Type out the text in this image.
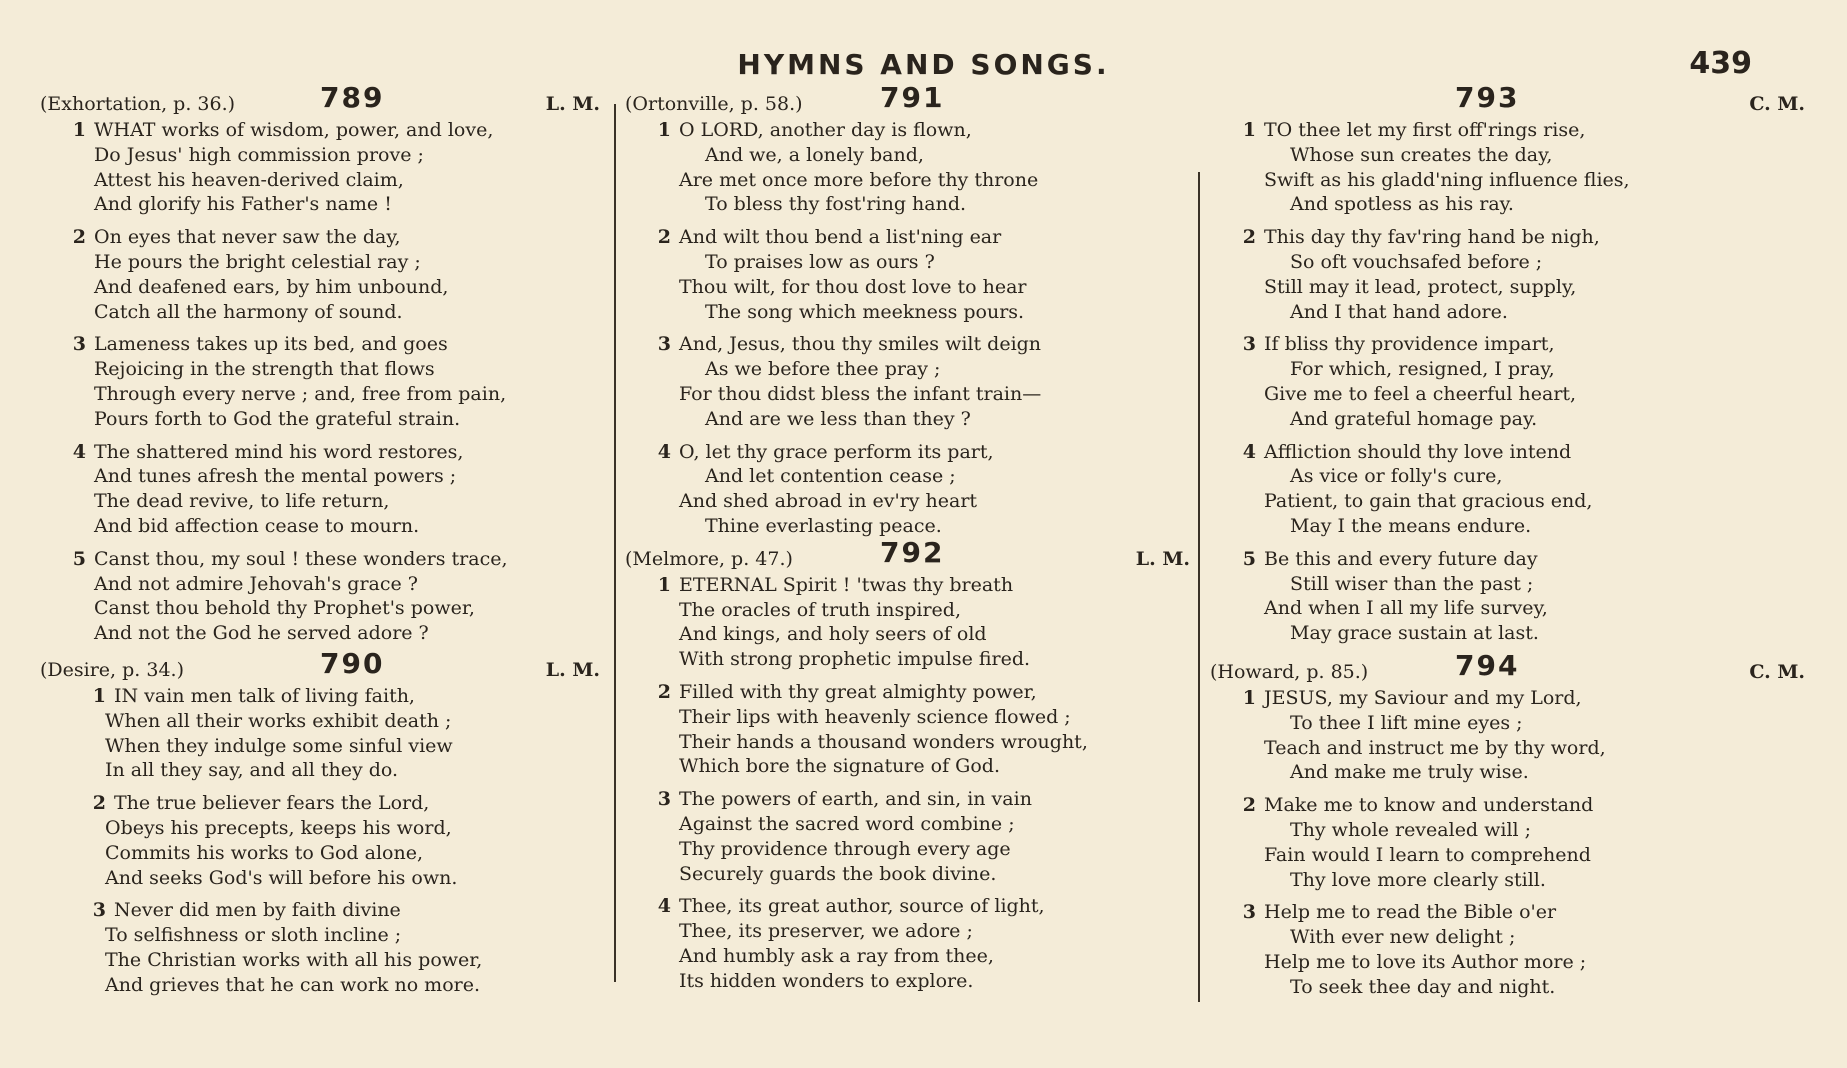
HYMNS AND SONGS.	439
(Exhortation, p. 36.)	789	L. M.
1 WHAT works of wisdom, power, and love,
Do Jesus' high commission prove ;
Attest his heaven-derived claim,
And glorify his Father's name !
2 On eyes that never saw the day,
He pours the bright celestial ray ;
And deafened ears, by him unbound,
Catch all the harmony of sound.
3 Lameness takes up its bed, and goes
Rejoicing in the strength that flows
Through every nerve ; and, free from pain,
Pours forth to God the grateful strain.
4 The shattered mind his word restores,
And tunes afresh the mental powers ;
The dead revive, to life return,
And bid affection cease to mourn.
5 Canst thou, my soul ! these wonders trace,
And not admire Jehovah's grace ?
Canst thou behold thy Prophet's power,
And not the God he served adore ?
(Desire, p. 34.)	790	L. M.
1 IN vain men talk of living faith,
When all their works exhibit death ;
When they indulge some sinful view
In all they say, and all they do.
2 The true believer fears the Lord,
Obeys his precepts, keeps his word,
Commits his works to God alone,
And seeks God's will before his own.
3 Never did men by faith divine
To selfishness or sloth incline ;
The Christian works with all his power,
And grieves that he can work no more.
(Ortonville, p. 58.)	791
1 O LORD, another day is flown,
And we, a lonely band,
Are met once more before thy throne
To bless thy fost'ring hand.
2 And wilt thou bend a list'ning ear
To praises low as ours ?
Thou wilt, for thou dost love to hear
The song which meekness pours.
3 And, Jesus, thou thy smiles wilt deign
As we before thee pray ;
For thou didst bless the infant train—
And are we less than they ?
4 O, let thy grace perform its part,
And let contention cease ;
And shed abroad in ev'ry heart
Thine everlasting peace.
(Melmore, p. 47.)	792	L. M.
1 ETERNAL Spirit ! 'twas thy breath
The oracles of truth inspired,
And kings, and holy seers of old
With strong prophetic impulse fired.
2 Filled with thy great almighty power,
Their lips with heavenly science flowed ;
Their hands a thousand wonders wrought,
Which bore the signature of God.
3 The powers of earth, and sin, in vain
Against the sacred word combine ;
Thy providence through every age
Securely guards the book divine.
4 Thee, its great author, source of light,
Thee, its preserver, we adore ;
And humbly ask a ray from thee,
Its hidden wonders to explore.
793	C. M.
1 TO thee let my first off'rings rise,
Whose sun creates the day,
Swift as his gladd'ning influence flies,
And spotless as his ray.
2 This day thy fav'ring hand be nigh,
So oft vouchsafed before ;
Still may it lead, protect, supply,
And I that hand adore.
3 If bliss thy providence impart,
For which, resigned, I pray,
Give me to feel a cheerful heart,
And grateful homage pay.
4 Affliction should thy love intend
As vice or folly's cure,
Patient, to gain that gracious end,
May I the means endure.
5 Be this and every future day
Still wiser than the past ;
And when I all my life survey,
May grace sustain at last.
(Howard, p. 85.)	794	C. M.
1 JESUS, my Saviour and my Lord,
To thee I lift mine eyes ;
Teach and instruct me by thy word,
And make me truly wise.
2 Make me to know and understand
Thy whole revealed will ;
Fain would I learn to comprehend
Thy love more clearly still.
3 Help me to read the Bible o'er
With ever new delight ;
Help me to love its Author more ;
To seek thee day and night.
